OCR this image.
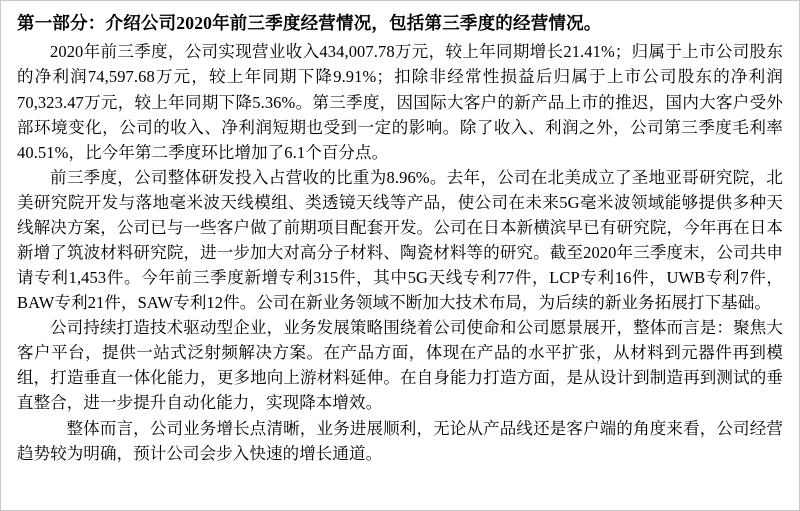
第一部分：介绍公司2020年前三季度经营情况，包括第三季度的经营情况。

2020年前三季度，公司实现营业收入434,007.78万元，较上年同期增长21.41%；归属于上市公司股东的净利润74,597.68万元，较上年同期下降9.91%；扣除非经常性损益后归属于上市公司股东的净利润70,323.47万元，较上年同期下降5.36%。第三季度，因国际大客户的新产品上市的推迟，国内大客户受外部环境变化，公司的收入、净利润短期也受到一定的影响。除了收入、利润之外，公司第三季度毛利率40.51%，比今年第二季度环比增加了6.1个百分点。

前三季度，公司整体研发投入占营收的比重为8.96%。去年，公司在北美成立了圣地亚哥研究院，北美研究院开发与落地毫米波天线模组、类透镜天线等产品，使公司在未来5G毫米波领域能够提供多种天线解决方案，公司已与一些客户做了前期项目配套开发。公司在日本新横滨早已有研究院，今年再在日本新增了筑波材料研究院，进一步加大对高分子材料、陶瓷材料等的研究。截至2020年三季度末，公司共申请专利1,453件。今年前三季度新增专利315件，其中5G天线专利77件，LCP专利16件，UWB专利7件，BAW专利21件，SAW专利12件。公司在新业务领域不断加大技术布局，为后续的新业务拓展打下基础。

公司持续打造技术驱动型企业，业务发展策略围绕着公司使命和公司愿景展开，整体而言是：聚焦大客户平台，提供一站式泛射频解决方案。在产品方面，体现在产品的水平扩张，从材料到元器件再到模组，打造垂直一体化能力，更多地向上游材料延伸。在自身能力打造方面，是从设计到制造再到测试的垂直整合，进一步提升自动化能力，实现降本增效。

整体而言，公司业务增长点清晰，业务进展顺利，无论从产品线还是客户端的角度来看，公司经营趋势较为明确，预计公司会步入快速的增长通道。
